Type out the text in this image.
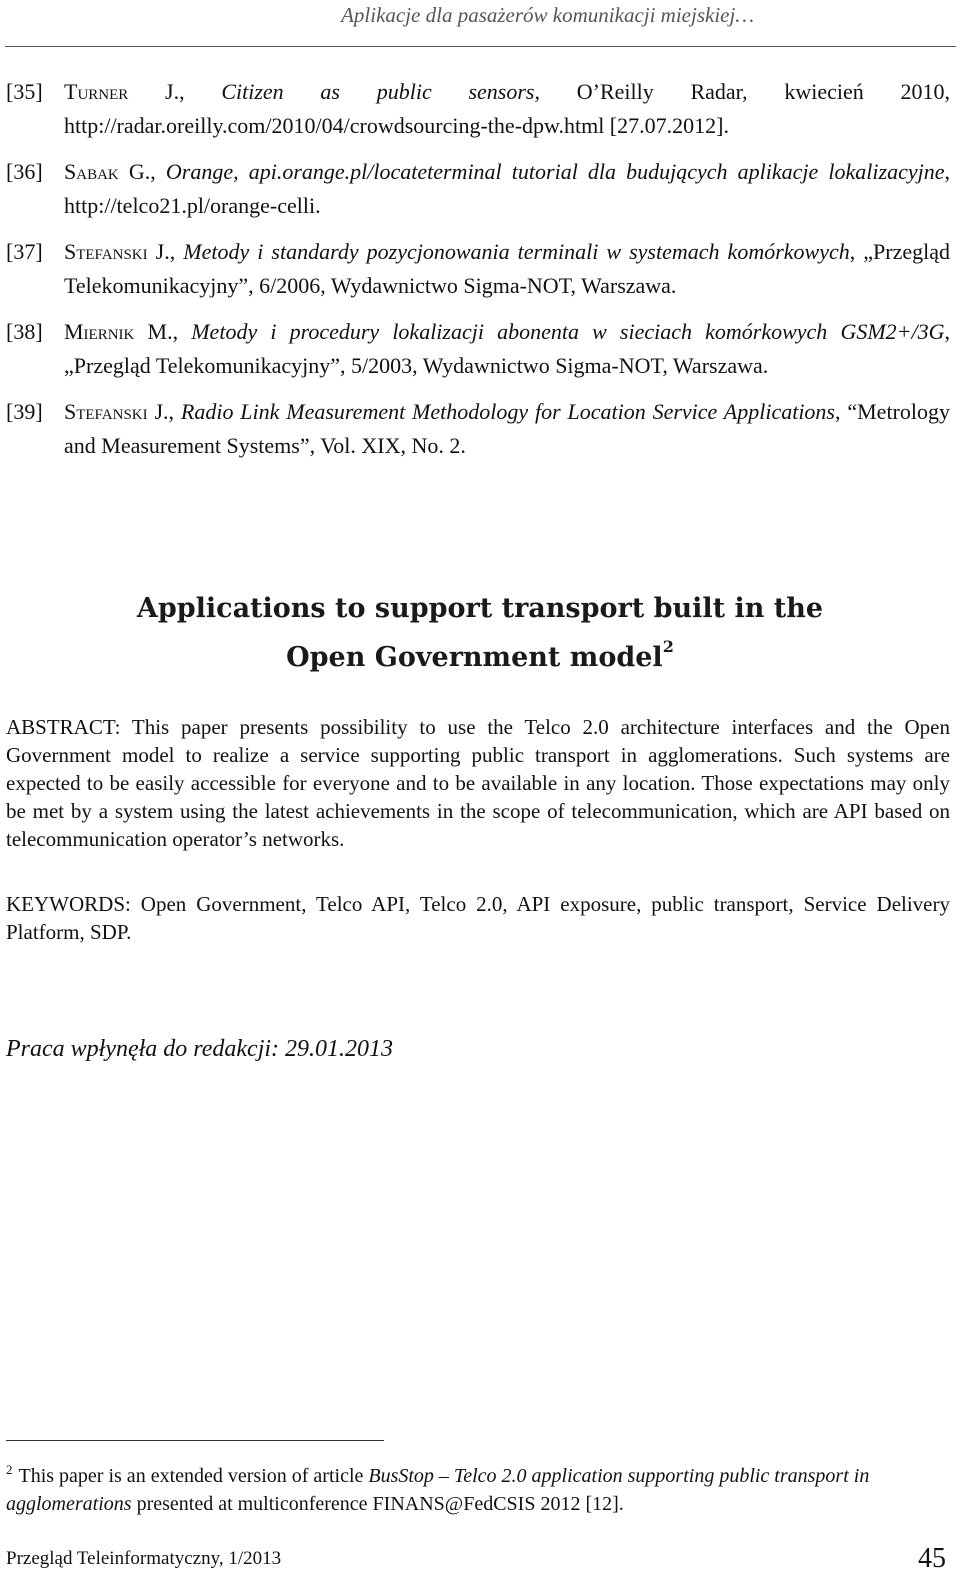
Aplikacje dla pasażerów komunikacji miejskiej…
[35] Turner J., Citizen as public sensors, O’Reilly Radar, kwiecień 2010, http://radar.oreilly.com/2010/04/crowdsourcing-the-dpw.html [27.07.2012].
[36] Sabak G., Orange, api.orange.pl/locateterminal tutorial dla budujących aplikacje lokalizacyjne, http://telco21.pl/orange-celli.
[37] Stefanski J., Metody i standardy pozycjonowania terminali w systemach komórkowych, „Przegląd Telekomunikacyjny”, 6/2006, Wydawnictwo Sigma-NOT, Warszawa.
[38] Miernik M., Metody i procedury lokalizacji abonenta w sieciach komórkowych GSM2+/3G, „Przegląd Telekomunikacyjny”, 5/2003, Wydawnictwo Sigma-NOT, Warszawa.
[39] Stefanski J., Radio Link Measurement Methodology for Location Service Applications, “Metrology and Measurement Systems”, Vol. XIX, No. 2.
Applications to support transport built in the
Open Government model$^2$
ABSTRACT: This paper presents possibility to use the Telco 2.0 architecture interfaces and the Open Government model to realize a service supporting public transport in agglomerations. Such systems are expected to be easily accessible for everyone and to be available in any location. Those expectations may only be met by a system using the latest achievements in the scope of telecommunication, which are API based on telecommunication operator’s networks.
KEYWORDS: Open Government, Telco API, Telco 2.0, API exposure, public transport, Service Delivery Platform, SDP.
Praca wpłynęła do redakcji: 29.01.2013
$^2$ This paper is an extended version of article BusStop – Telco 2.0 application supporting public transport in agglomerations presented at multiconference FINANS@FedCSIS 2012 [12].
Przegląd Teleinformatyczny, 1/2013	45
